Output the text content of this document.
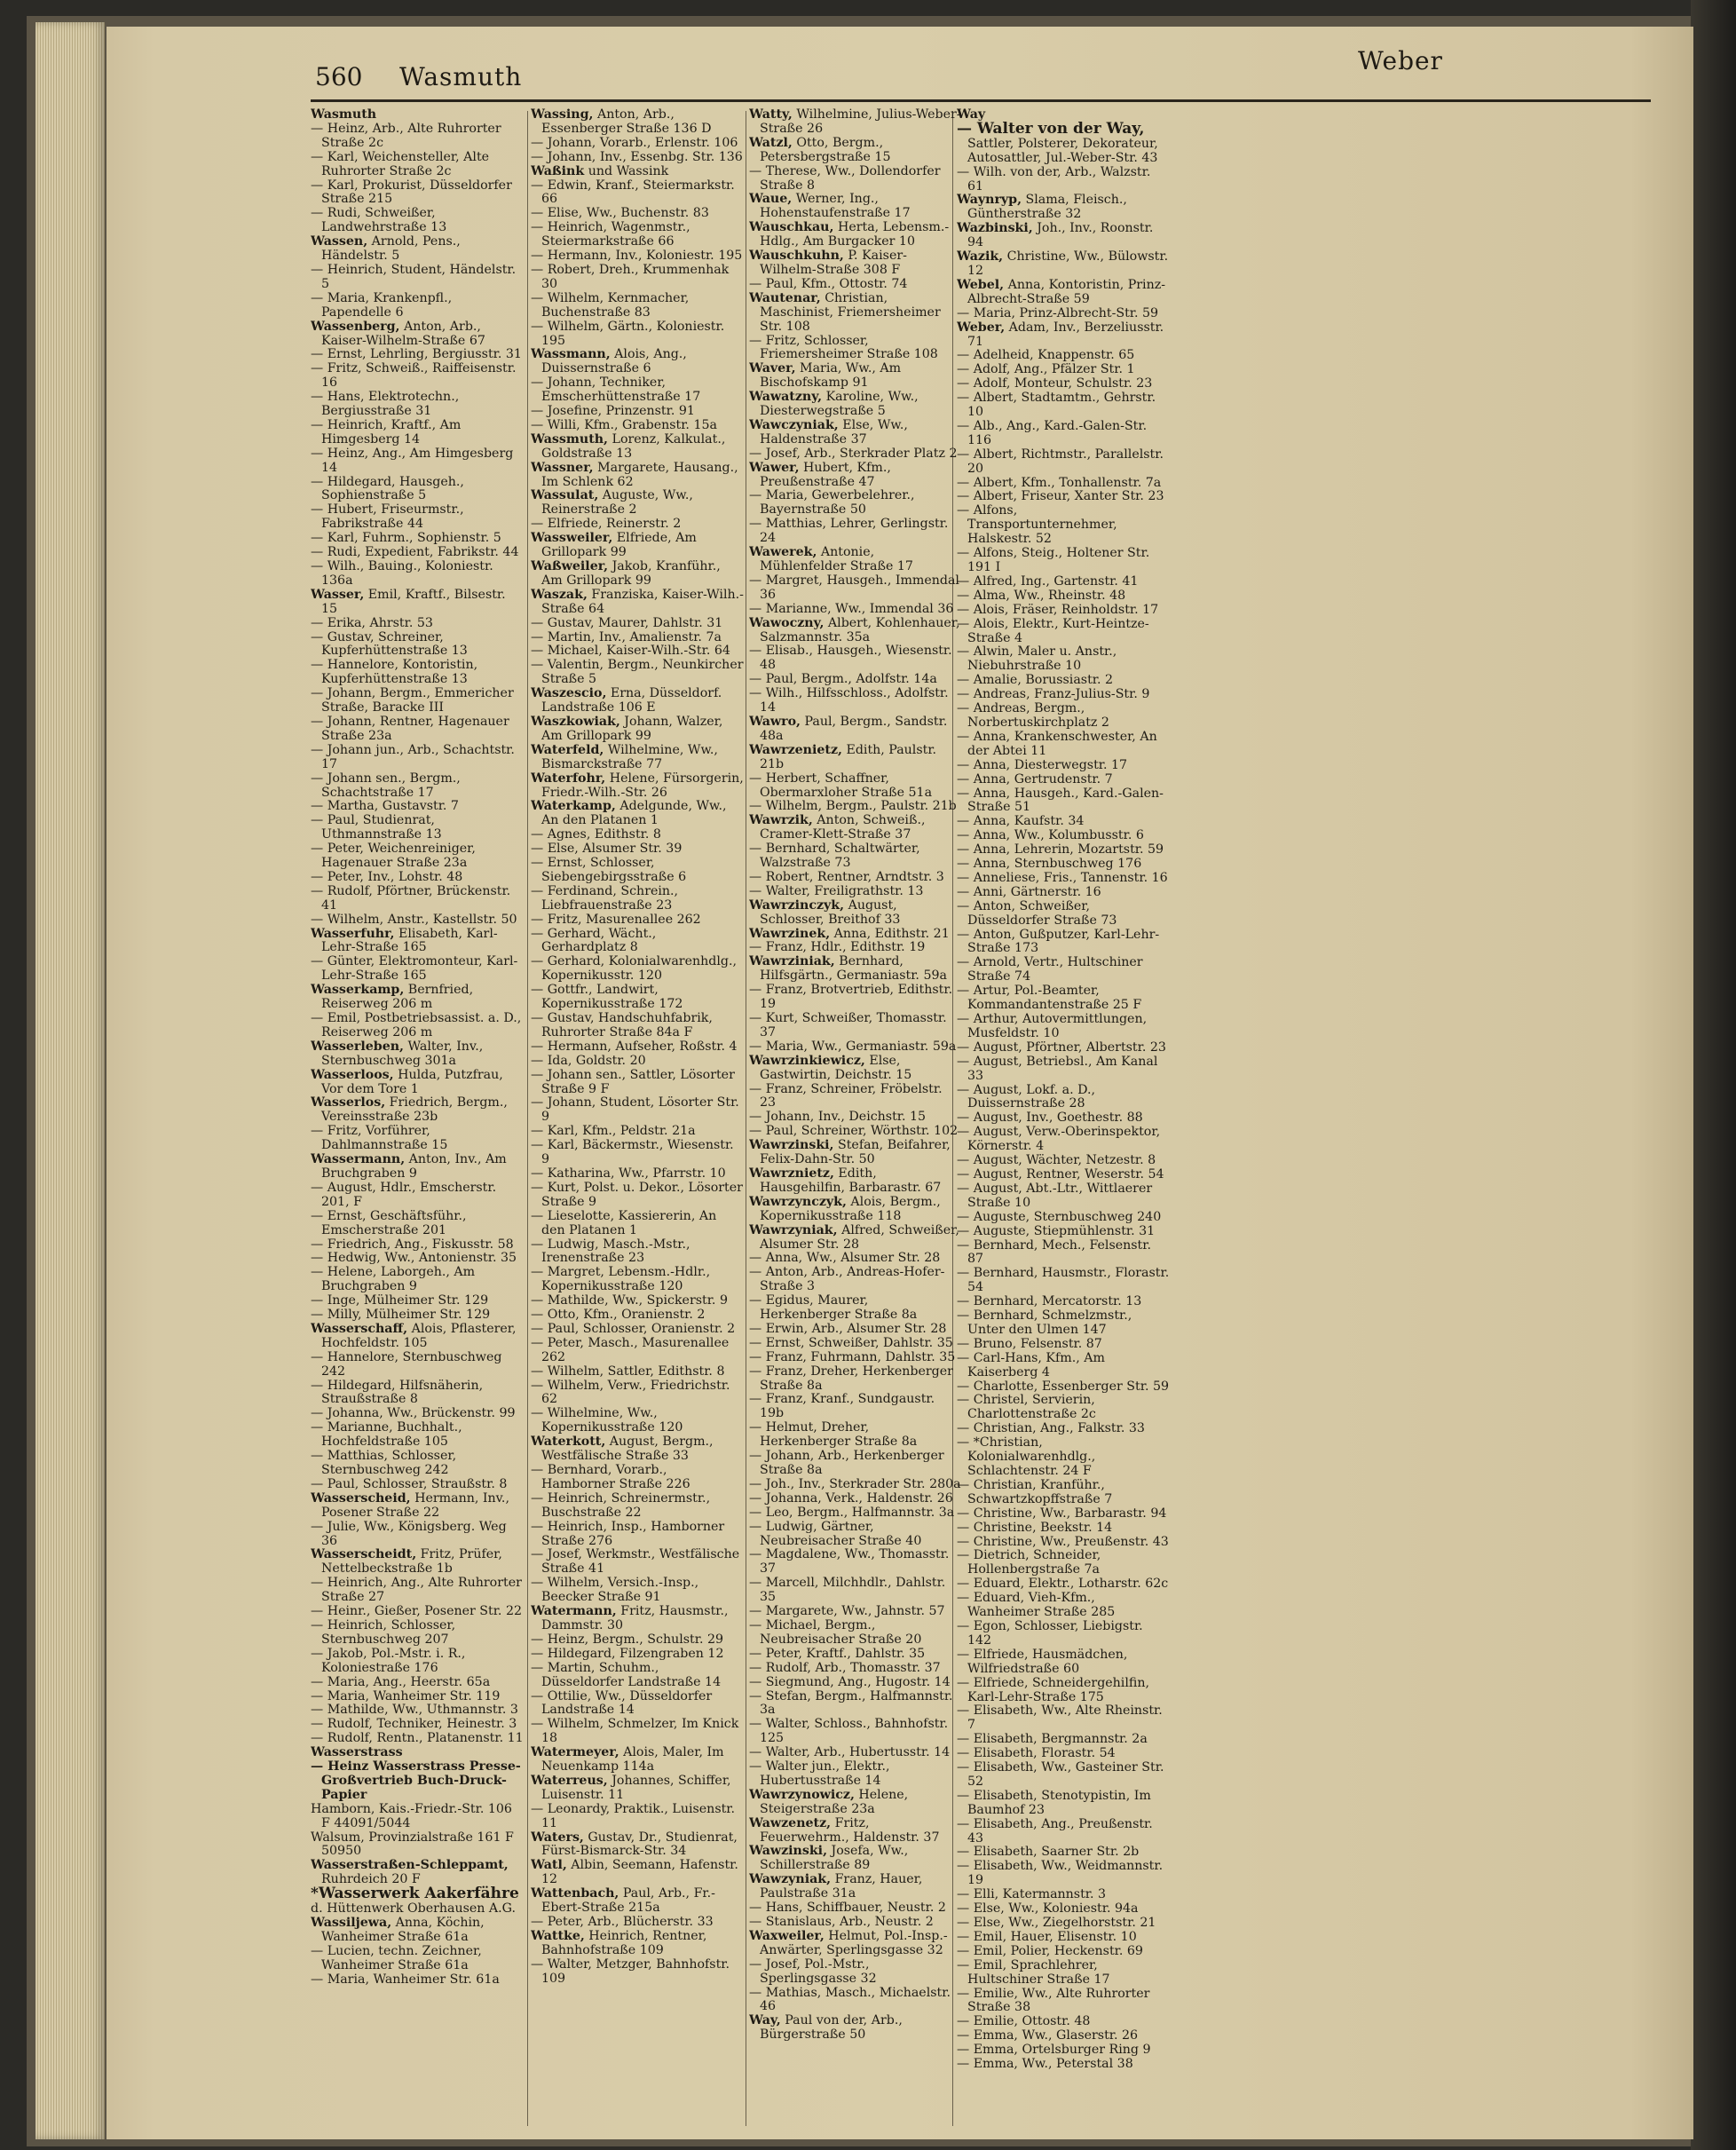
560 Wasmuth
Weber
Wasmuth
— Heinz, Arb., Alte Ruhrorter Straße 2c
— Karl, Weichensteller, Alte Ruhrorter Straße 2c
— Karl, Prokurist, Düsseldorfer Straße 215
— Rudi, Schweißer, Landwehrstraße 13
Wassen, Arnold, Pens., Händelstr. 5
— Heinrich, Student, Händelstr. 5
— Maria, Krankenpfl., Papendelle 6
Wassenberg, Anton, Arb., Kaiser-Wilhelm-Straße 67
— Ernst, Lehrling, Bergiusstr. 31
— Fritz, Schweiß., Raiffeisenstr. 16
— Hans, Elektrotechn., Bergiusstraße 31
— Heinrich, Kraftf., Am Himgesberg 14
— Heinz, Ang., Am Himgesberg 14
— Hildegard, Hausgeh., Sophienstraße 5
— Hubert, Friseurmstr., Fabrikstraße 44
— Karl, Fuhrm., Sophienstr. 5
— Rudi, Expedient, Fabrikstr. 44
— Wilh., Bauing., Koloniestr. 136a
Wasser, Emil, Kraftf., Bilsestr. 15
— Erika, Ahrstr. 53
— Gustav, Schreiner, Kupferhüttenstraße 13
— Hannelore, Kontoristin, Kupferhüttenstraße 13
— Johann, Bergm., Emmericher Straße, Baracke III
— Johann, Rentner, Hagenauer Straße 23a
— Johann jun., Arb., Schachtstr. 17
— Johann sen., Bergm., Schachtstraße 17
— Martha, Gustavstr. 7
— Paul, Studienrat, Uthmannstraße 13
— Peter, Weichenreiniger, Hagenauer Straße 23a
— Peter, Inv., Lohstr. 48
— Rudolf, Pförtner, Brückenstr. 41
— Wilhelm, Anstr., Kastellstr. 50
Wasserfuhr, Elisabeth, Karl-Lehr-Straße 165
— Günter, Elektromonteur, Karl-Lehr-Straße 165
Wasserkamp, Bernfried, Reiserweg 206 m
— Emil, Postbetriebsassist. a. D., Reiserweg 206 m
Wasserleben, Walter, Inv., Sternbuschweg 301a
Wasserloos, Hulda, Putzfrau, Vor dem Tore 1
Wasserlos, Friedrich, Bergm., Vereinsstraße 23b
— Fritz, Vorführer, Dahlmannstraße 15
Wassermann, Anton, Inv., Am Bruchgraben 9
— August, Hdlr., Emscherstr. 201, F
— Ernst, Geschäftsführ., Emscherstraße 201
— Friedrich, Ang., Fiskusstr. 58
— Hedwig, Ww., Antonienstr. 35
— Helene, Laborgeh., Am Bruchgraben 9
— Inge, Mülheimer Str. 129
— Milly, Mülheimer Str. 129
Wasserschaff, Alois, Pflasterer, Hochfeldstr. 105
— Hannelore, Sternbuschweg 242
— Hildegard, Hilfsnäherin, Straußstraße 8
— Johanna, Ww., Brückenstr. 99
— Marianne, Buchhalt., Hochfeldstraße 105
— Matthias, Schlosser, Sternbuschweg 242
— Paul, Schlosser, Straußstr. 8
Wasserscheid, Hermann, Inv., Posener Straße 22
— Julie, Ww., Königsberg. Weg 36
Wasserscheidt, Fritz, Prüfer, Nettelbeckstraße 1b
— Heinrich, Ang., Alte Ruhrorter Straße 27
— Heinr., Gießer, Posener Str. 22
— Heinrich, Schlosser, Sternbuschweg 207
— Jakob, Pol.-Mstr. i. R., Koloniestraße 176
— Maria, Ang., Heerstr. 65a
— Maria, Wanheimer Str. 119
— Mathilde, Ww., Uthmannstr. 3
— Rudolf, Techniker, Heinestr. 3
— Rudolf, Rentn., Platanenstr. 11
Wasserstrass
— Heinz Wasserstrass Presse-Großvertrieb Buch-Druck-Papier
Hamborn, Kais.-Friedr.-Str. 106 F 44091/5044
Walsum, Provinzialstraße 161 F 50950
Wasserstraßen-Schleppamt, Ruhrdeich 20 F
*Wasserwerk Aakerfähre
d. Hüttenwerk Oberhausen A.G.
Wassiljewa, Anna, Köchin, Wanheimer Straße 61a
— Lucien, techn. Zeichner, Wanheimer Straße 61a
— Maria, Wanheimer Str. 61a
Wassing, Anton, Arb., Essenberger Straße 136 D
— Johann, Vorarb., Erlenstr. 106
— Johann, Inv., Essenbg. Str. 136
Waßink und Wassink
— Edwin, Kranf., Steiermarkstr. 66
— Elise, Ww., Buchenstr. 83
— Heinrich, Wagenmstr., Steiermarkstraße 66
— Hermann, Inv., Koloniestr. 195
— Robert, Dreh., Krummenhak 30
— Wilhelm, Kernmacher, Buchenstraße 83
— Wilhelm, Gärtn., Koloniestr. 195
Wassmann, Alois, Ang., Duissernstraße 6
— Johann, Techniker, Emscherhüttenstraße 17
— Josefine, Prinzenstr. 91
— Willi, Kfm., Grabenstr. 15a
Wassmuth, Lorenz, Kalkulat., Goldstraße 13
Wassner, Margarete, Hausang., Im Schlenk 62
Wassulat, Auguste, Ww., Reinerstraße 2
— Elfriede, Reinerstr. 2
Wassweiler, Elfriede, Am Grillopark 99
Waßweiler, Jakob, Kranführ., Am Grillopark 99
Waszak, Franziska, Kaiser-Wilh.-Straße 64
— Gustav, Maurer, Dahlstr. 31
— Martin, Inv., Amalienstr. 7a
— Michael, Kaiser-Wilh.-Str. 64
— Valentin, Bergm., Neunkircher Straße 5
Waszescio, Erna, Düsseldorf. Landstraße 106 E
Waszkowiak, Johann, Walzer, Am Grillopark 99
Waterfeld, Wilhelmine, Ww., Bismarckstraße 77
Waterfohr, Helene, Fürsorgerin, Friedr.-Wilh.-Str. 26
Waterkamp, Adelgunde, Ww., An den Platanen 1
— Agnes, Edithstr. 8
— Else, Alsumer Str. 39
— Ernst, Schlosser, Siebengebirgsstraße 6
— Ferdinand, Schrein., Liebfrauenstraße 23
— Fritz, Masurenallee 262
— Gerhard, Wächt., Gerhardplatz 8
— Gerhard, Kolonialwarenhdlg., Kopernikusstr. 120
— Gottfr., Landwirt, Kopernikusstraße 172
— Gustav, Handschuhfabrik, Ruhrorter Straße 84a F
— Hermann, Aufseher, Roßstr. 4
— Ida, Goldstr. 20
— Johann sen., Sattler, Lösorter Straße 9 F
— Johann, Student, Lösorter Str. 9
— Karl, Kfm., Peldstr. 21a
— Karl, Bäckermstr., Wiesenstr. 9
— Katharina, Ww., Pfarrstr. 10
— Kurt, Polst. u. Dekor., Lösorter Straße 9
— Lieselotte, Kassiererin, An den Platanen 1
— Ludwig, Masch.-Mstr., Irenenstraße 23
— Margret, Lebensm.-Hdlr., Kopernikusstraße 120
— Mathilde, Ww., Spickerstr. 9
— Otto, Kfm., Oranienstr. 2
— Paul, Schlosser, Oranienstr. 2
— Peter, Masch., Masurenallee 262
— Wilhelm, Sattler, Edithstr. 8
— Wilhelm, Verw., Friedrichstr. 62
— Wilhelmine, Ww., Kopernikusstraße 120
Waterkott, August, Bergm., Westfälische Straße 33
— Bernhard, Vorarb., Hamborner Straße 226
— Heinrich, Schreinermstr., Buschstraße 22
— Heinrich, Insp., Hamborner Straße 276
— Josef, Werkmstr., Westfälische Straße 41
— Wilhelm, Versich.-Insp., Beecker Straße 91
Watermann, Fritz, Hausmstr., Dammstr. 30
— Heinz, Bergm., Schulstr. 29
— Hildegard, Filzengraben 12
— Martin, Schuhm., Düsseldorfer Landstraße 14
— Ottilie, Ww., Düsseldorfer Landstraße 14
— Wilhelm, Schmelzer, Im Knick 18
Watermeyer, Alois, Maler, Im Neuenkamp 114a
Waterreus, Johannes, Schiffer, Luisenstr. 11
— Leonardy, Praktik., Luisenstr. 11
Waters, Gustav, Dr., Studienrat, Fürst-Bismarck-Str. 34
Watl, Albin, Seemann, Hafenstr. 12
Wattenbach, Paul, Arb., Fr.-Ebert-Straße 215a
— Peter, Arb., Blücherstr. 33
Wattke, Heinrich, Rentner, Bahnhofstraße 109
— Walter, Metzger, Bahnhofstr. 109
Watty, Wilhelmine, Julius-Weber-Straße 26
Watzl, Otto, Bergm., Petersbergstraße 15
— Therese, Ww., Dollendorfer Straße 8
Waue, Werner, Ing., Hohenstaufenstraße 17
Wauschkau, Herta, Lebensm.-Hdlg., Am Burgacker 10
Wauschkuhn, P. Kaiser-Wilhelm-Straße 308 F
— Paul, Kfm., Ottostr. 74
Wautenar, Christian, Maschinist, Friemersheimer Str. 108
— Fritz, Schlosser, Friemersheimer Straße 108
Waver, Maria, Ww., Am Bischofskamp 91
Wawatzny, Karoline, Ww., Diesterwegstraße 5
Wawczyniak, Else, Ww., Haldenstraße 37
— Josef, Arb., Sterkrader Platz 2
Wawer, Hubert, Kfm., Preußenstraße 47
— Maria, Gewerbelehrer., Bayernstraße 50
— Matthias, Lehrer, Gerlingstr. 24
Wawerek, Antonie, Mühlenfelder Straße 17
— Margret, Hausgeh., Immendal 36
— Marianne, Ww., Immendal 36
Wawoczny, Albert, Kohlenhauer, Salzmannstr. 35a
— Elisab., Hausgeh., Wiesenstr. 48
— Paul, Bergm., Adolfstr. 14a
— Wilh., Hilfsschloss., Adolfstr. 14
Wawro, Paul, Bergm., Sandstr. 48a
Wawrzenietz, Edith, Paulstr. 21b
— Herbert, Schaffner, Obermarxloher Straße 51a
— Wilhelm, Bergm., Paulstr. 21b
Wawrzik, Anton, Schweiß., Cramer-Klett-Straße 37
— Bernhard, Schaltwärter, Walzstraße 73
— Robert, Rentner, Arndtstr. 3
— Walter, Freiligrathstr. 13
Wawrzinczyk, August, Schlosser, Breithof 33
Wawrzinek, Anna, Edithstr. 21
— Franz, Hdlr., Edithstr. 19
Wawrziniak, Bernhard, Hilfsgärtn., Germaniastr. 59a
— Franz, Brotvertrieb, Edithstr. 19
— Kurt, Schweißer, Thomasstr. 37
— Maria, Ww., Germaniastr. 59a
Wawrzinkiewicz, Else, Gastwirtin, Deichstr. 15
— Franz, Schreiner, Fröbelstr. 23
— Johann, Inv., Deichstr. 15
— Paul, Schreiner, Wörthstr. 102
Wawrzinski, Stefan, Beifahrer, Felix-Dahn-Str. 50
Wawrznietz, Edith, Hausgehilfin, Barbarastr. 67
Wawrzynczyk, Alois, Bergm., Kopernikusstraße 118
Wawrzyniak, Alfred, Schweißer, Alsumer Str. 28
— Anna, Ww., Alsumer Str. 28
— Anton, Arb., Andreas-Hofer-Straße 3
— Egidus, Maurer, Herkenberger Straße 8a
— Erwin, Arb., Alsumer Str. 28
— Ernst, Schweißer, Dahlstr. 35
— Franz, Fuhrmann, Dahlstr. 35
— Franz, Dreher, Herkenberger Straße 8a
— Franz, Kranf., Sundgaustr. 19b
— Helmut, Dreher, Herkenberger Straße 8a
— Johann, Arb., Herkenberger Straße 8a
— Joh., Inv., Sterkrader Str. 280a
— Johanna, Verk., Haldenstr. 26
— Leo, Bergm., Halfmannstr. 3a
— Ludwig, Gärtner, Neubreisacher Straße 40
— Magdalene, Ww., Thomasstr. 37
— Marcell, Milchhdlr., Dahlstr. 35
— Margarete, Ww., Jahnstr. 57
— Michael, Bergm., Neubreisacher Straße 20
— Peter, Kraftf., Dahlstr. 35
— Rudolf, Arb., Thomasstr. 37
— Siegmund, Ang., Hugostr. 14
— Stefan, Bergm., Halfmannstr. 3a
— Walter, Schloss., Bahnhofstr. 125
— Walter, Arb., Hubertusstr. 14
— Walter jun., Elektr., Hubertusstraße 14
Wawrzynowicz, Helene, Steigerstraße 23a
Wawzenetz, Fritz, Feuerwehrm., Haldenstr. 37
Wawzinski, Josefa, Ww., Schillerstraße 89
Wawzyniak, Franz, Hauer, Paulstraße 31a
— Hans, Schiffbauer, Neustr. 2
— Stanislaus, Arb., Neustr. 2
Waxweiler, Helmut, Pol.-Insp.-Anwärter, Sperlingsgasse 32
— Josef, Pol.-Mstr., Sperlingsgasse 32
— Mathias, Masch., Michaelstr. 46
Way, Paul von der, Arb., Bürgerstraße 50
Way
— Walter von der Way, Sattler, Polsterer, Dekorateur, Autosattler, Jul.-Weber-Str. 43
— Wilh. von der, Arb., Walzstr. 61
Waynryp, Slama, Fleisch., Güntherstraße 32
Wazbinski, Joh., Inv., Roonstr. 94
Wazik, Christine, Ww., Bülowstr. 12
Webel, Anna, Kontoristin, Prinz-Albrecht-Straße 59
— Maria, Prinz-Albrecht-Str. 59
Weber, Adam, Inv., Berzeliusstr. 71
— Adelheid, Knappenstr. 65
— Adolf, Ang., Pfälzer Str. 1
— Adolf, Monteur, Schulstr. 23
— Albert, Stadtamtm., Gehrstr. 10
— Alb., Ang., Kard.-Galen-Str. 116
— Albert, Richtmstr., Parallelstr. 20
— Albert, Kfm., Tonhallenstr. 7a
— Albert, Friseur, Xanter Str. 23
— Alfons, Transportunternehmer, Halskestr. 52
— Alfons, Steig., Holtener Str. 191 I
— Alfred, Ing., Gartenstr. 41
— Alma, Ww., Rheinstr. 48
— Alois, Fräser, Reinholdstr. 17
— Alois, Elektr., Kurt-Heintze-Straße 4
— Alwin, Maler u. Anstr., Niebuhrstraße 10
— Amalie, Borussiastr. 2
— Andreas, Franz-Julius-Str. 9
— Andreas, Bergm., Norbertuskirchplatz 2
— Anna, Krankenschwester, An der Abtei 11
— Anna, Diesterwegstr. 17
— Anna, Gertrudenstr. 7
— Anna, Hausgeh., Kard.-Galen-Straße 51
— Anna, Kaufstr. 34
— Anna, Ww., Kolumbusstr. 6
— Anna, Lehrerin, Mozartstr. 59
— Anna, Sternbuschweg 176
— Anneliese, Fris., Tannenstr. 16
— Anni, Gärtnerstr. 16
— Anton, Schweißer, Düsseldorfer Straße 73
— Anton, Gußputzer, Karl-Lehr-Straße 173
— Arnold, Vertr., Hultschiner Straße 74
— Artur, Pol.-Beamter, Kommandantenstraße 25 F
— Arthur, Autovermittlungen, Musfeldstr. 10
— August, Pförtner, Albertstr. 23
— August, Betriebsl., Am Kanal 33
— August, Lokf. a. D., Duissernstraße 28
— August, Inv., Goethestr. 88
— August, Verw.-Oberinspektor, Körnerstr. 4
— August, Wächter, Netzestr. 8
— August, Rentner, Weserstr. 54
— August, Abt.-Ltr., Wittlaerer Straße 10
— Auguste, Sternbuschweg 240
— Auguste, Stiepmühlenstr. 31
— Bernhard, Mech., Felsenstr. 87
— Bernhard, Hausmstr., Florastr. 54
— Bernhard, Mercatorstr. 13
— Bernhard, Schmelzmstr., Unter den Ulmen 147
— Bruno, Felsenstr. 87
— Carl-Hans, Kfm., Am Kaiserberg 4
— Charlotte, Essenberger Str. 59
— Christel, Servierin, Charlottenstraße 2c
— Christian, Ang., Falkstr. 33
— *Christian, Kolonialwarenhdlg., Schlachtenstr. 24 F
— Christian, Kranführ., Schwartzkopffstraße 7
— Christine, Ww., Barbarastr. 94
— Christine, Beekstr. 14
— Christine, Ww., Preußenstr. 43
— Dietrich, Schneider, Hollenbergstraße 7a
— Eduard, Elektr., Lotharstr. 62c
— Eduard, Vieh-Kfm., Wanheimer Straße 285
— Egon, Schlosser, Liebigstr. 142
— Elfriede, Hausmädchen, Wilfriedstraße 60
— Elfriede, Schneidergehilfin, Karl-Lehr-Straße 175
— Elisabeth, Ww., Alte Rheinstr. 7
— Elisabeth, Bergmannstr. 2a
— Elisabeth, Florastr. 54
— Elisabeth, Ww., Gasteiner Str. 52
— Elisabeth, Stenotypistin, Im Baumhof 23
— Elisabeth, Ang., Preußenstr. 43
— Elisabeth, Saarner Str. 2b
— Elisabeth, Ww., Weidmannstr. 19
— Elli, Katermannstr. 3
— Else, Ww., Koloniestr. 94a
— Else, Ww., Ziegelhorststr. 21
— Emil, Hauer, Elisenstr. 10
— Emil, Polier, Heckenstr. 69
— Emil, Sprachlehrer, Hultschiner Straße 17
— Emilie, Ww., Alte Ruhrorter Straße 38
— Emilie, Ottostr. 48
— Emma, Ww., Glaserstr. 26
— Emma, Ortelsburger Ring 9
— Emma, Ww., Peterstal 38
